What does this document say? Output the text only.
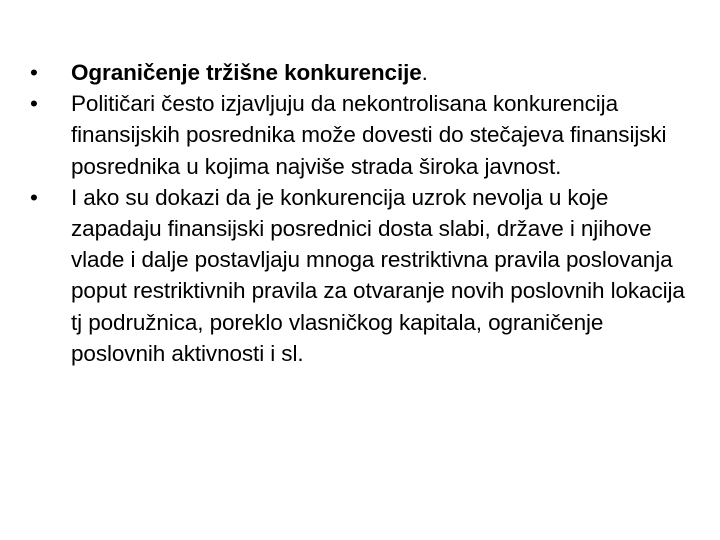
•	Ograničenje tržišne konkurencije.
•	Političari često izjavljuju da nekontrolisana konkurencija finansijskih posrednika može dovesti do stečajeva finansijski posrednika u kojima najviše strada široka javnost.
•	I ako su dokazi da je konkurencija uzrok nevolja u koje zapadaju finansijski posrednici dosta slabi, države i njihove vlade i dalje postavljaju mnoga restriktivna pravila poslovanja poput restriktivnih pravila za otvaranje novih poslovnih lokacija tj podružnica, poreklo vlasničkog kapitala, ograničenje poslovnih aktivnosti i sl.
